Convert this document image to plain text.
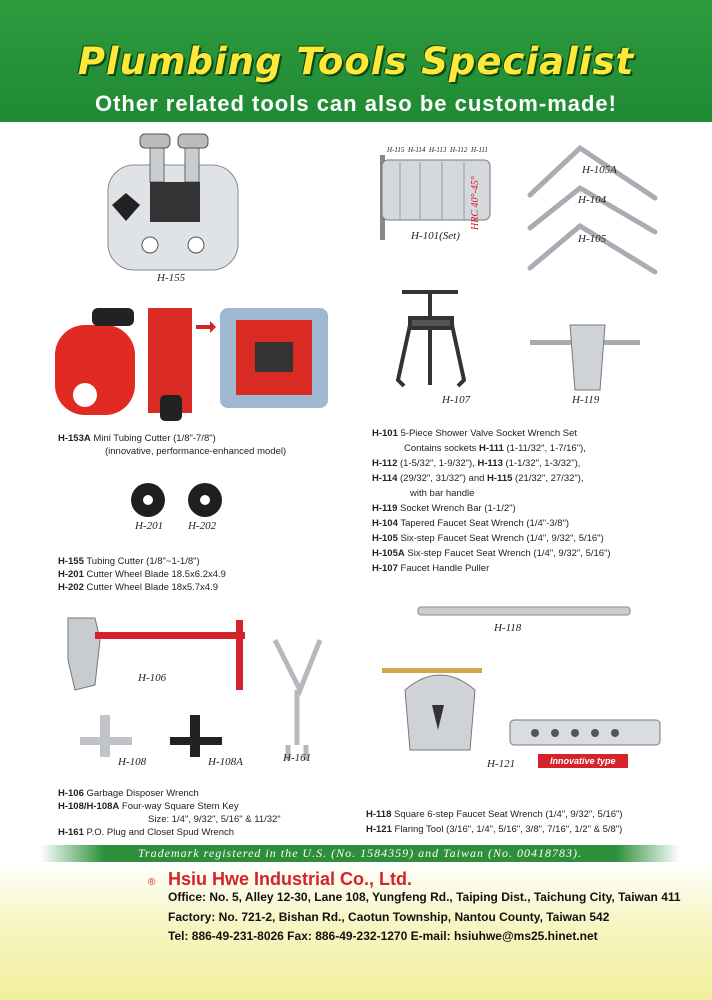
Plumbing Tools Specialist
Other related tools can also be custom-made!
H-155
H-115 H-114 H-113 H-112 H-111
H-101(Set)
H-105A
H-104
H-105
HRC 40°-45°
H-107	H-119
H-201 H-202
H-118
H-106
H-108	H-108A	H-161	H-121	Innovative type
H-153A Mini Tubing Cutter (1/8"-7/8")
(innovative, performance-enhanced model)
H-155 Tubing Cutter (1/8"~1-1/8")
H-201 Cutter Wheel Blade 18.5x6.2x4.9
H-202 Cutter Wheel Blade 18x5.7x4.9
H-101 5-Piece Shower Valve Socket Wrench Set
Contains sockets H-111 (1-11/32", 1-7/16"),
H-112 (1-5/32", 1-9/32"), H-113 (1-1/32", 1-3/32"),
H-114 (29/32", 31/32") and H-115 (21/32", 27/32"),
with bar handle
H-119 Socket Wrench Bar (1-1/2")
H-104 Tapered Faucet Seat Wrench (1/4"-3/8")
H-105 Six-step Faucet Seat Wrench (1/4", 9/32", 5/16")
H-105A Six-step Faucet Seat Wrench (1/4", 9/32", 5/16")
H-107 Faucet Handle Puller
H-106 Garbage Disposer Wrench
H-108/H-108A Four-way Square Stem Key
Size: 1/4", 9/32", 5/16" & 11/32"
H-161 P.O. Plug and Closet Spud Wrench
H-118 Square 6-step Faucet Seat Wrench (1/4", 9/32", 5/16")
H-121 Flaring Tool (3/16", 1/4", 5/16", 3/8", 7/16", 1/2" & 5/8")
Trademark registered in the U.S. (No. 1584359) and Taiwan (No. 00418783).
® Hsiu Hwe Industrial Co., Ltd.
Office: No. 5, Alley 12-30, Lane 108, Yungfeng Rd., Taiping Dist., Taichung City, Taiwan 411
Factory: No. 721-2, Bishan Rd., Caotun Township, Nantou County, Taiwan 542
Tel: 886-49-231-8026 Fax: 886-49-232-1270 E-mail: hsiuhwe@ms25.hinet.net
